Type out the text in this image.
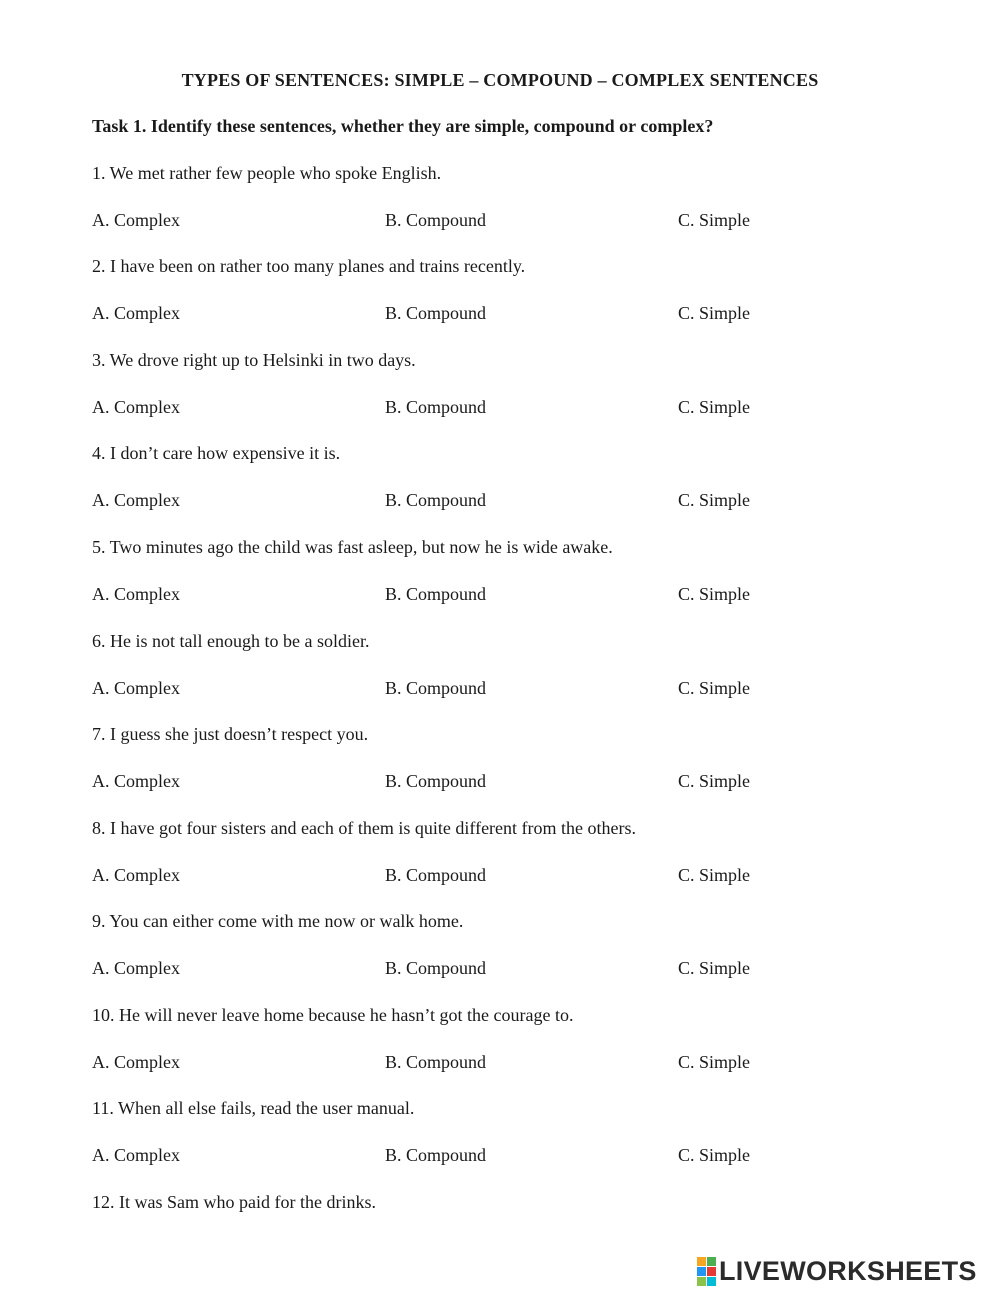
TYPES OF SENTENCES: SIMPLE – COMPOUND – COMPLEX SENTENCES
Task 1. Identify these sentences, whether they are simple, compound or complex?
1. We met rather few people who spoke English.
A. Complex	B. Compound	C. Simple
2. I have been on rather too many planes and trains recently.
A. Complex	B. Compound	C. Simple
3. We drove right up to Helsinki in two days.
A. Complex	B. Compound	C. Simple
4. I don’t care how expensive it is.
A. Complex	B. Compound	C. Simple
5. Two minutes ago the child was fast asleep, but now he is wide awake.
A. Complex	B. Compound	C. Simple
6. He is not tall enough to be a soldier.
A. Complex	B. Compound	C. Simple
7. I guess she just doesn’t respect you.
A. Complex	B. Compound	C. Simple
8. I have got four sisters and each of them is quite different from the others.
A. Complex	B. Compound	C. Simple
9. You can either come with me now or walk home.
A. Complex	B. Compound	C. Simple
10. He will never leave home because he hasn’t got the courage to.
A. Complex	B. Compound	C. Simple
11. When all else fails, read the user manual.
A. Complex	B. Compound	C. Simple
12. It was Sam who paid for the drinks.
LIVEWORKSHEETS
